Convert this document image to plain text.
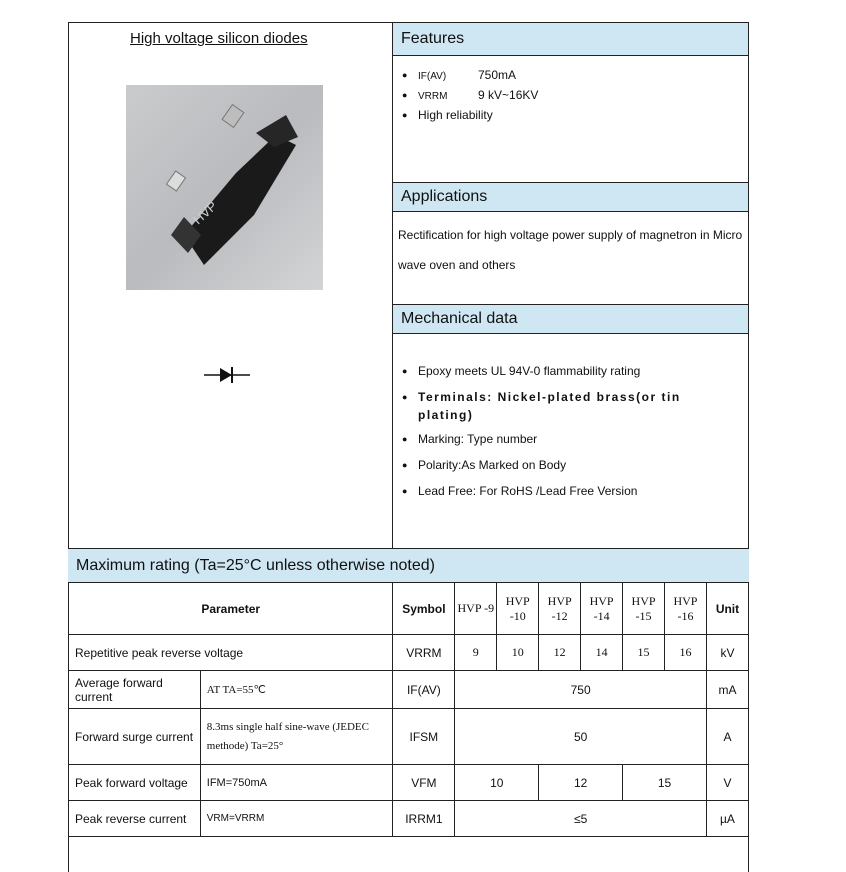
High voltage silicon diodes
HVP
Features
● IF(AV)	750mA
● VRRM	9 kV~16KV
● High reliability
Applications
Rectification for high voltage power supply of magnetron in Micro wave oven and others
Mechanical data
● Epoxy meets UL 94V-0 flammability rating
● Terminals: Nickel-plated brass(or tin plating)
● Marking: Type number
● Polarity:As Marked on Body
● Lead Free: For RoHS /Lead Free Version
Maximum rating (Ta=25°C unless otherwise noted)
Parameter		Symbol	HVP -9	HVP -10	HVP -12	HVP -14	HVP -15	HVP -16	Unit
Repetitive peak reverse voltage		VRRM	9	10	12	14	15	16	kV
Average forward current	AT TA=55℃	IF(AV)	750						mA
Forward surge current	8.3ms single half sine-wave (JEDEC methode) Ta=25°	IFSM	50						A
Peak forward voltage	IFM=750mA	VFM	10		12		15		V
Peak reverse current	VRM=VRRM	IRRM1	≤5						µA
